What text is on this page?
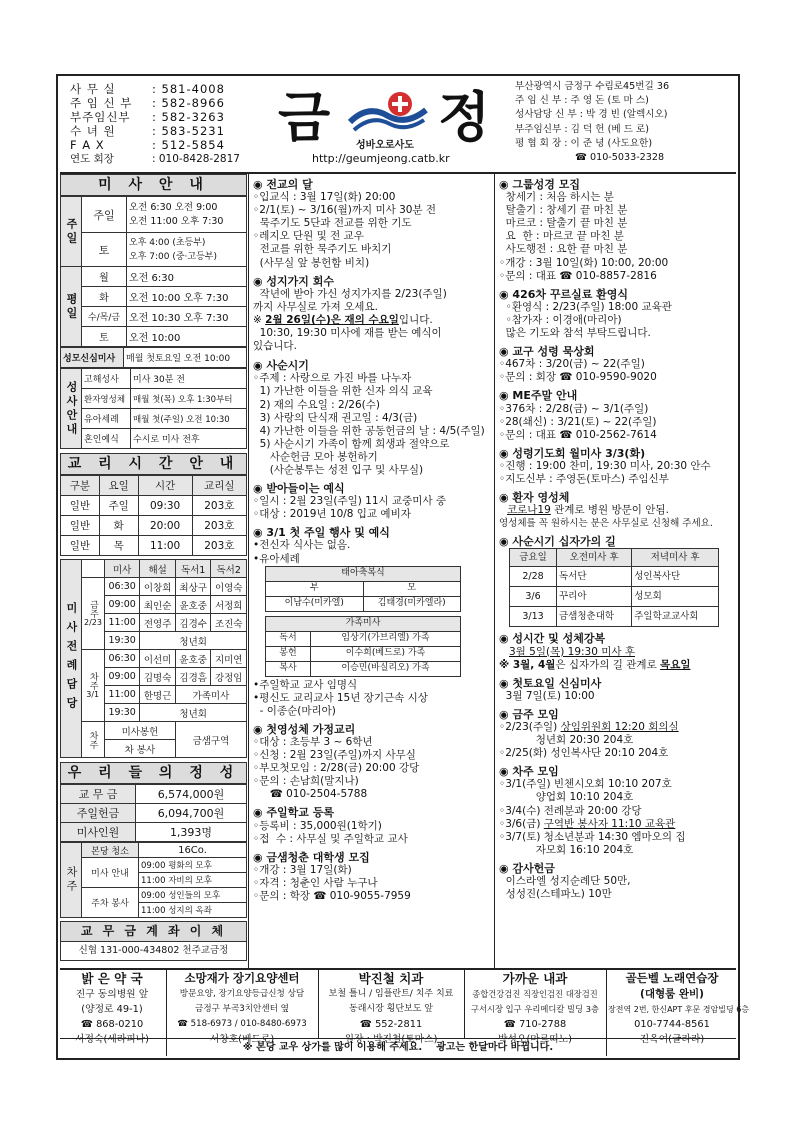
사 무 실	: 581-4008
주 임 신 부	: 582-8966
부주임신부	: 582-3263
수 녀 원	: 583-5231
F A X	: 512-5854
연도 회장	: 010-8428-2817
금	성바오로사도 정
http://geumjeong.catb.kr
부산광역시 금정구 수림로45번길 36
주 임 신 부 : 주 영 돈 (토 마 스)
성사담당 신 부 : 박 경 빈 (알렉시오)
부주임신부 : 김 덕 헌 (베 드 로)
평 협 회 장 : 이 준 녕 (사도요한)
☎ 010-5033-2328
미 사 안 내
주일	주일	오전 6:30 오전 9:00
오전 11:00 오후 7:30

	토	오후 4:00 (초등부)
오후 7:00 (중·고등부)

평일	월	오전 6:30
	화	오전 10:00 오후 7:30
	수/목/금	오전 10:30 오후 7:30
	토	오전 10:00
성모신심미사	매월 첫토요일 오전 10:00
성사안내	고해성사	미사 30분 전
	환자영성체	매월 첫(목) 오후 1:30부터
	유아세례	매월 첫(주일) 오전 10:30
	혼인예식	수시로 미사 전후
교 리 시 간 안 내
구분	요일	시간	교리실
일반	주일	09:30	203호
일반	화	20:00	203호
일반	목	11:00	203호
미사전례담당		미사	해설	독서1	독서2
	금주2/23	06:30	이창희	최상구	이영숙
		09:00	최인순	윤호중	서정희
		11:00	전영주	김경수	조진숙
		19:30	청년회		
	차주3/1	06:30	이선미	윤호중	지미연
		09:00	김명숙	김경흠	강정임
		11:00	한명근	가족미사	
		19:30	청년회		
	차주	미사봉헌		금샘구역	
		차 봉사			
우 리 들 의 정 성
교 무 금	6,574,000원
주일헌금	6,094,700원
미사인원	1,393명
차주	본당 청소	16Co.
	미사 안내	09:00 평화의 모후
		11:00 자비의 모후
	주차 봉사	09:00 성인들의 모후
		11:00 성지의 옥좌
교 무 금 계 좌 이 체
신협 131-000-434802 천주교금정
◉ 전교의 달
◦입교식 : 3월 17일(화) 20:00
◦2/1(토) ~ 3/16(월)까지 미사 30분 전
묵주기도 5단과 전교를 위한 기도
◦레지오 단원 및 전 교우
전교를 위한 묵주기도 바치기
(사무실 앞 봉헌함 비치)
◉ 성지가지 회수
작년에 받아 가신 성지가지를 2/23(주일)
까지 사무실로 가져 오세요.
※ 2월 26일(수)은 재의 수요일입니다.
10:30, 19:30 미사에 재를 받는 예식이
있습니다.
◉ 사순시기
◦주제 : 사랑으로 가진 바를 나누자
1) 가난한 이들을 위한 신자 의식 교육
2) 재의 수요일 : 2/26(수)
3) 사랑의 단식재 권고일 : 4/3(금)
4) 가난한 이들을 위한 공동헌금의 날 : 4/5(주일)
5) 사순시기 가족이 함께 희생과 절약으로
사순헌금 모아 봉헌하기
(사순봉투는 성전 입구 및 사무실)
◉ 받아들이는 예식
◦일시 : 2월 23일(주일) 11시 교중미사 중
◦대상 : 2019년 10/8 입교 예비자
◉ 3/1 첫 주일 행사 및 예식
•전신자 식사는 없음.
•유아세례
태아축복식	
부	모
이남수(미카엘)	김태경(미카엘라)
가족미사	
독서	임상기(가브리엘) 가족
봉헌	이수희(베드로) 가족
복사	이승민(바실리오) 가족
•주일학교 교사 임명식
•평신도 교리교사 15년 장기근속 시상
- 이종순(마리아)
◉ 첫영성체 가정교리
◦대상 : 초등부 3 ~ 6학년
◦신청 : 2월 23일(주일)까지 사무실
◦부모첫모임 : 2/28(금) 20:00 강당
◦문의 : 손남희(말지나)
☎ 010-2504-5788
◉ 주일학교 등록
◦등록비 : 35,000원(1학기)
◦접  수 : 사무실 및 주일학교 교사
◉ 금샘청춘 대학생 모집
◦개강 : 3월 17일(화)
◦자격 : 청춘인 사람 누구나
◦문의 : 학장 ☎ 010-9055-7959
◉ 그룹성경 모집
창세기 : 처음 하시는 분
탈출기 : 창세기 끝 마친 분
마르코 : 탈출기 끝 마친 분
요  한 : 마르코 끝 마친 분
사도행전 : 요한 끝 마친 분
◦개강 : 3월 10일(화) 10:00, 20:00
◦문의 : 대표 ☎ 010-8857-2816
◉ 426차 꾸르실료 환영식
◦환영식 : 2/23(주일) 18:00 교육관
◦참가자 : 이경애(마리아)
많은 기도와 참석 부탁드립니다.
◉ 교구 성령 묵상회
◦467차 : 3/20(금) ~ 22(주일)
◦문의 : 회장 ☎ 010-9590-9020
◉ ME주말 안내
◦376차 : 2/28(금) ~ 3/1(주일)
◦28(쇄신) : 3/21(토) ~ 22(주일)
◦문의 : 대표 ☎ 010-2562-7614
◉ 성령기도회 월미사 3/3(화)
◦진행 : 19:00 찬미, 19:30 미사, 20:30 안수
◦지도신부 : 주영돈(토마스) 주임신부
◉ 환자 영성체
코로나19 관계로 병원 방문이 안됨.
영성체를 꼭 원하시는 분은 사무실로 신청해 주세요.
◉ 사순시기 십자가의 길
금요일	오전미사 후	저녁미사 후
2/28	독서단	성인복사단
3/6	꾸리아	성모회
3/13	금샘청춘대학	주일학교교사회
◉ 성시간 및 성체강복
3월 5일(목) 19:30 미사 후
※ 3월, 4월은 십자가의 길 관계로 목요일
◉ 첫토요일 신심미사
3월 7일(토) 10:00
◉ 금주 모임
◦2/23(주일) 상임위원회 12:20 회의실
청년회 20:30 204호
◦2/25(화) 성인복사단 20:10 204호
◉ 차주 모임
◦3/1(주일) 빈첸시오회 10:10 207호
양업회 10:10 204호
◦3/4(수) 전례분과 20:00 강당
◦3/6(금) 구역반 봉사자 11:10 교육관
◦3/7(토) 청소년분과 14:30 엠마오의 집
자모회 16:10 204호
◉ 감사헌금
이스라엘 성지순례단 50만,
성성진(스테파노) 10만
밝 은 약 국
진구 동의병원 앞
(양정로 49-1)
☎ 868-0210
서정숙(세라피나)
소망재가 장기요양센터
방문요양, 장기요양등급신청 상담
금정구 부곡3치안센터 옆
☎ 518-6973 / 010-8480-6973
서창호(베드로)
박진철 치과
보철 틀니 / 임플란트/ 치주 치료
동래시장 횡단보도 앞
☎ 552-2811
원장 : 박진철(토마스)
가까운 내과
종합건강검진 직장인검진 대장검진
구서시장 입구 우리메디칼 빌딩 3층
☎ 710-2788
박성오(마르띠노)
골든벨 노래연습장
(대형룸 완비)
장전역 2번, 한신APT 후문 경암빌딩 6층
010-7744-8561
진옥여(글라라)
※ 본당 교우 상가를 많이 이용해 주세요.    광고는 한달마다 바뀝니다.
